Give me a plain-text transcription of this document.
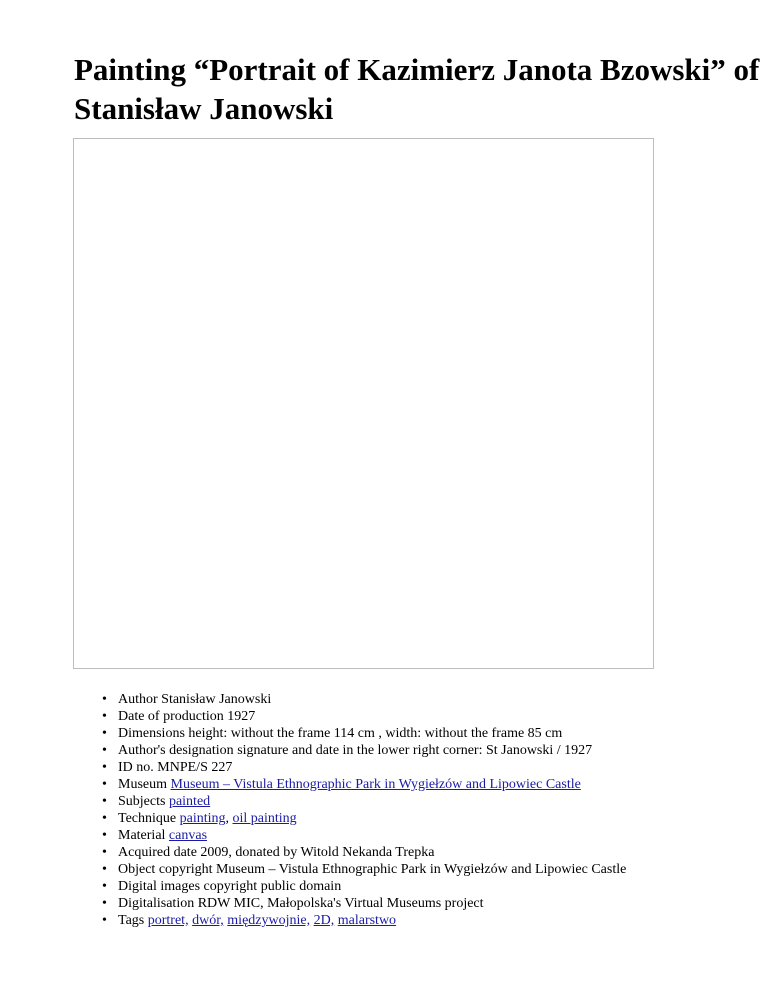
Painting “Portrait of Kazimierz Janota Bzowski” of Stanisław Janowski
• Author Stanisław Janowski
• Date of production 1927
• Dimensions height: without the frame 114 cm , width: without the frame 85 cm
• Author's designation signature and date in the lower right corner: St Janowski / 1927
• ID no. MNPE/S 227
• Museum Museum – Vistula Ethnographic Park in Wygiełzów and Lipowiec Castle
• Subjects painted
• Technique painting, oil painting
• Material canvas
• Acquired date 2009, donated by Witold Nekanda Trepka
• Object copyright Museum – Vistula Ethnographic Park in Wygiełzów and Lipowiec Castle
• Digital images copyright public domain
• Digitalisation RDW MIC, Małopolska's Virtual Museums project
• Tags portret, dwór, międzywojnie, 2D, malarstwo
